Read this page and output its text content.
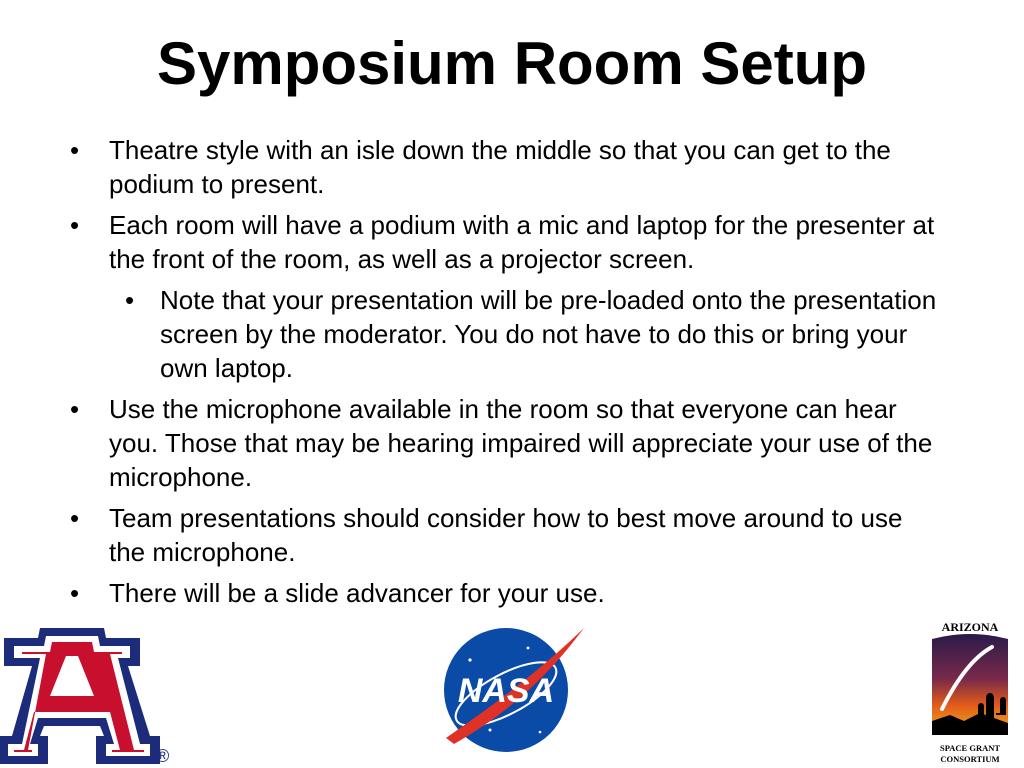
Symposium Room Setup
• Theatre style with an isle down the middle so that you can get to the podium to present.
• Each room will have a podium with a mic and laptop for the presenter at the front of the room, as well as a projector screen.
• Note that your presentation will be pre-loaded onto the presentation screen by the moderator. You do not have to do this or bring your own laptop.
• Use the microphone available in the room so that everyone can hear you. Those that may be hearing impaired will appreciate your use of the microphone.
• Team presentations should consider how to best move around to use the microphone.
• There will be a slide advancer for your use.
®
NASA
ARIZONA
SPACE GRANT
CONSORTIUM
